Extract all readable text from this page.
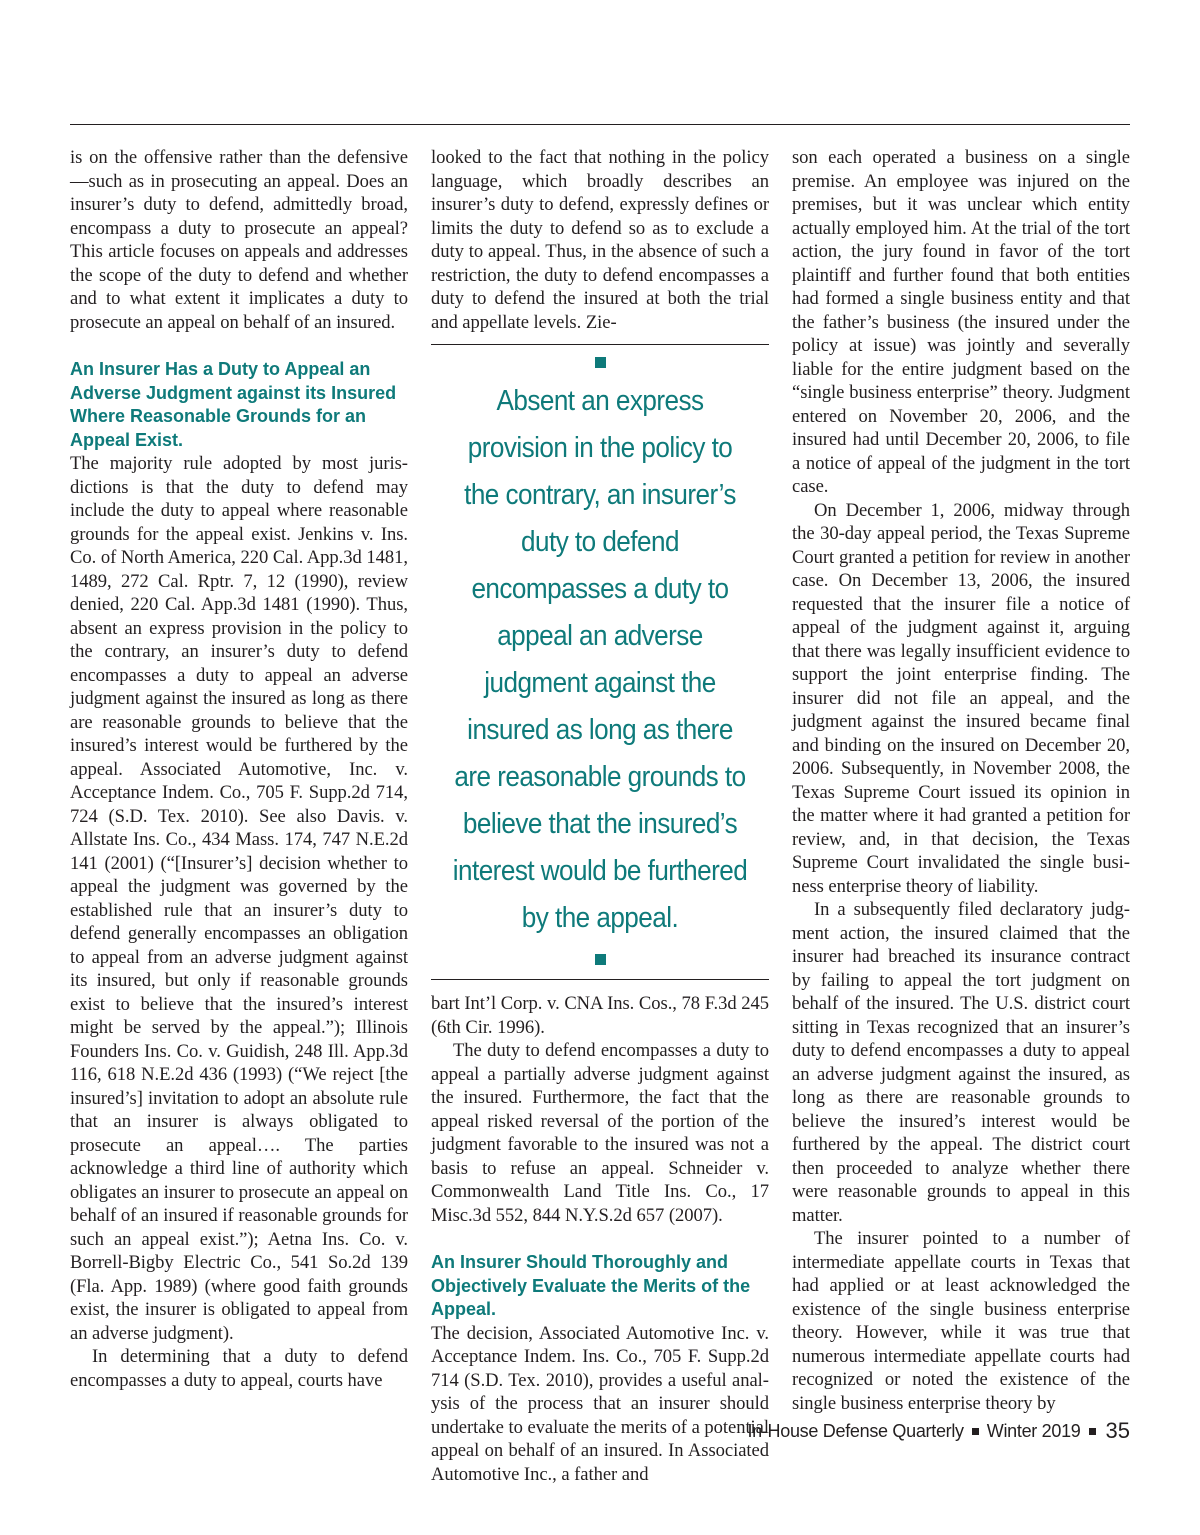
is on the offensive rather than the defensive—such as in prosecuting an appeal. Does an insurer’s duty to defend, admittedly broad, encompass a duty to prosecute an appeal? This article focuses on appeals and addresses the scope of the duty to defend and whether and to what extent it implicates a duty to prosecute an appeal on behalf of an insured.

An Insurer Has a Duty to Appeal an Adverse Judgment against its Insured Where Reasonable Grounds for an Appeal Exist.

The majority rule adopted by most jurisdictions is that the duty to defend may include the duty to appeal where reasonable grounds for the appeal exist. Jenkins v. Ins. Co. of North America, 220 Cal. App.3d 1481, 1489, 272 Cal. Rptr. 7, 12 (1990), review denied, 220 Cal. App.3d 1481 (1990). Thus, absent an express provision in the policy to the contrary, an insurer’s duty to defend encompasses a duty to appeal an adverse judgment against the insured as long as there are reasonable grounds to believe that the insured’s interest would be furthered by the appeal. Associated Automotive, Inc. v. Acceptance Indem. Co., 705 F. Supp.2d 714, 724 (S.D. Tex. 2010). See also Davis. v. Allstate Ins. Co., 434 Mass. 174, 747 N.E.2d 141 (2001) (“[Insurer’s] decision whether to appeal the judgment was governed by the established rule that an insurer’s duty to defend generally encompasses an obligation to appeal from an adverse judgment against its insured, but only if reasonable grounds exist to believe that the insured’s interest might be served by the appeal.”); Illinois Founders Ins. Co. v. Guidish, 248 Ill. App.3d 116, 618 N.E.2d 436 (1993) (“We reject [the insured’s] invitation to adopt an absolute rule that an insurer is always obligated to prosecute an appeal…. The parties acknowledge a third line of authority which obligates an insurer to prosecute an appeal on behalf of an insured if reasonable grounds for such an appeal exist.”); Aetna Ins. Co. v. Borrell-Bigby Electric Co., 541 So.2d 139 (Fla. App. 1989) (where good faith grounds exist, the insurer is obligated to appeal from an adverse judgment).

In determining that a duty to defend encompasses a duty to appeal, courts have

looked to the fact that nothing in the policy language, which broadly describes an insurer’s duty to defend, expressly defines or limits the duty to defend so as to exclude a duty to appeal. Thus, in the absence of such a restriction, the duty to defend encompasses a duty to defend the insured at both the trial and appellate levels. Zie-

Absent an express provision in the policy to the contrary, an insurer’s duty to defend encompasses a duty to appeal an adverse judgment against the insured as long as there are reasonable grounds to believe that the insured’s interest would be furthered by the appeal.

bart Int’l Corp. v. CNA Ins. Cos., 78 F.3d 245 (6th Cir. 1996).

The duty to defend encompasses a duty to appeal a partially adverse judgment against the insured. Furthermore, the fact that the appeal risked reversal of the portion of the judgment favorable to the insured was not a basis to refuse an appeal. Schneider v. Commonwealth Land Title Ins. Co., 17 Misc.3d 552, 844 N.Y.S.2d 657 (2007).

An Insurer Should Thoroughly and Objectively Evaluate the Merits of the Appeal.

The decision, Associated Automotive Inc. v. Acceptance Indem. Ins. Co., 705 F. Supp.2d 714 (S.D. Tex. 2010), provides a useful analysis of the process that an insurer should undertake to evaluate the merits of a potential appeal on behalf of an insured. In Associated Automotive Inc., a father and

son each operated a business on a single premise. An employee was injured on the premises, but it was unclear which entity actually employed him. At the trial of the tort action, the jury found in favor of the tort plaintiff and further found that both entities had formed a single business entity and that the father’s business (the insured under the policy at issue) was jointly and severally liable for the entire judgment based on the “single business enterprise” theory. Judgment entered on November 20, 2006, and the insured had until December 20, 2006, to file a notice of appeal of the judgment in the tort case.

On December 1, 2006, midway through the 30-day appeal period, the Texas Supreme Court granted a petition for review in another case. On December 13, 2006, the insured requested that the insurer file a notice of appeal of the judgment against it, arguing that there was legally insufficient evidence to support the joint enterprise finding. The insurer did not file an appeal, and the judgment against the insured became final and binding on the insured on December 20, 2006. Subsequently, in November 2008, the Texas Supreme Court issued its opinion in the matter where it had granted a petition for review, and, in that decision, the Texas Supreme Court invalidated the single business enterprise theory of liability.

In a subsequently filed declaratory judgment action, the insured claimed that the insurer had breached its insurance contract by failing to appeal the tort judgment on behalf of the insured. The U.S. district court sitting in Texas recognized that an insurer’s duty to defend encompasses a duty to appeal an adverse judgment against the insured, as long as there are reasonable grounds to believe the insured’s interest would be furthered by the appeal. The district court then proceeded to analyze whether there were reasonable grounds to appeal in this matter.

The insurer pointed to a number of intermediate appellate courts in Texas that had applied or at least acknowledged the existence of the single business enterprise theory. However, while it was true that numerous intermediate appellate courts had recognized or noted the existence of the single business enterprise theory by

In-House Defense Quarterly Winter 2019 35
